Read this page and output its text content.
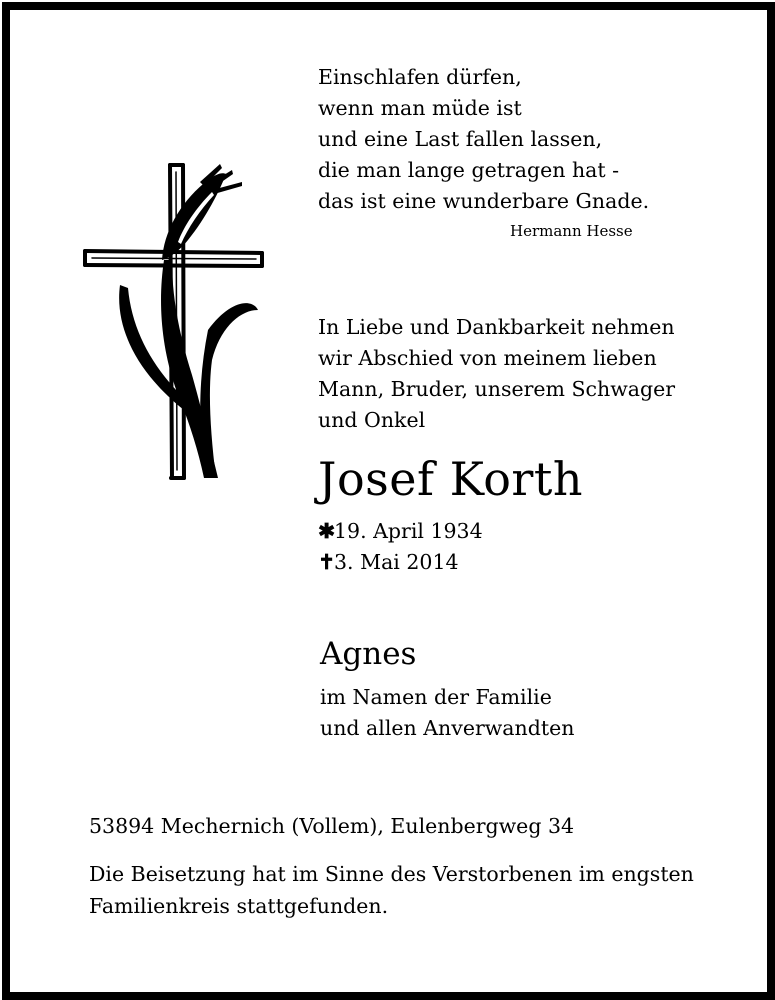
Einschlafen dürfen,
wenn man müde ist
und eine Last fallen lassen,
die man lange getragen hat -
das ist eine wunderbare Gnade.
Hermann Hesse
In Liebe und Dankbarkeit nehmen
wir Abschied von meinem lieben
Mann, Bruder, unserem Schwager
und Onkel
Josef Korth
✱19. April 1934
✝3. Mai 2014
Agnes
im Namen der Familie
und allen Anverwandten
53894 Mechernich (Vollem), Eulenbergweg 34
Die Beisetzung hat im Sinne des Verstorbenen im engsten
Familienkreis stattgefunden.
